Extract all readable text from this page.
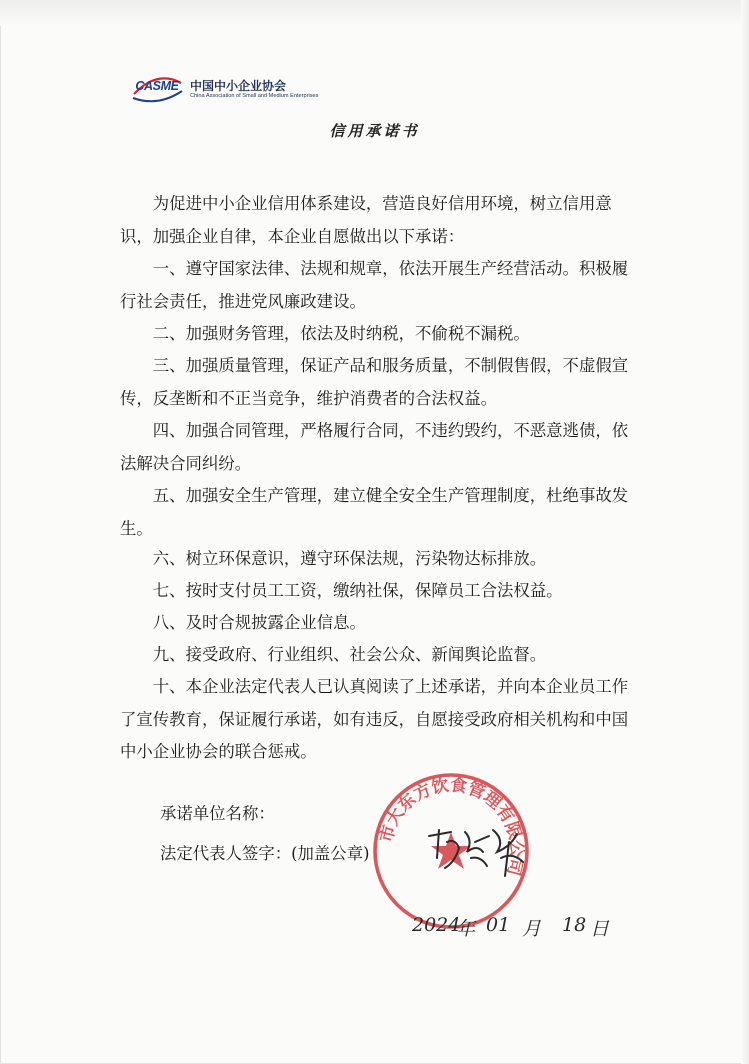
CASME 中国中小企业协会
China Association of Small and Medium Enterprises
信用承诺书
为促进中小企业信用体系建设，营造良好信用环境，树立信用意识，加强企业自律，本企业自愿做出以下承诺：
一、遵守国家法律、法规和规章，依法开展生产经营活动。积极履行社会责任，推进党风廉政建设。
二、加强财务管理，依法及时纳税，不偷税不漏税。
三、加强质量管理，保证产品和服务质量，不制假售假，不虚假宣传，反垄断和不正当竞争，维护消费者的合法权益。
四、加强合同管理，严格履行合同，不违约毁约，不恶意逃债，依法解决合同纠纷。
五、加强安全生产管理，建立健全安全生产管理制度，杜绝事故发生。
六、树立环保意识，遵守环保法规，污染物达标排放。
七、按时支付员工工资，缴纳社保，保障员工合法权益。
八、及时合规披露企业信息。
九、接受政府、行业组织、社会公众、新闻舆论监督。
十、本企业法定代表人已认真阅读了上述承诺，并向本企业员工作了宣传教育，保证履行承诺，如有违反，自愿接受政府相关机构和中国中小企业协会的联合惩戒。
承诺单位名称：
法定代表人签字：(加盖公章)
市大东方饮食管理有限公司
2024
年 01 月 18 日
